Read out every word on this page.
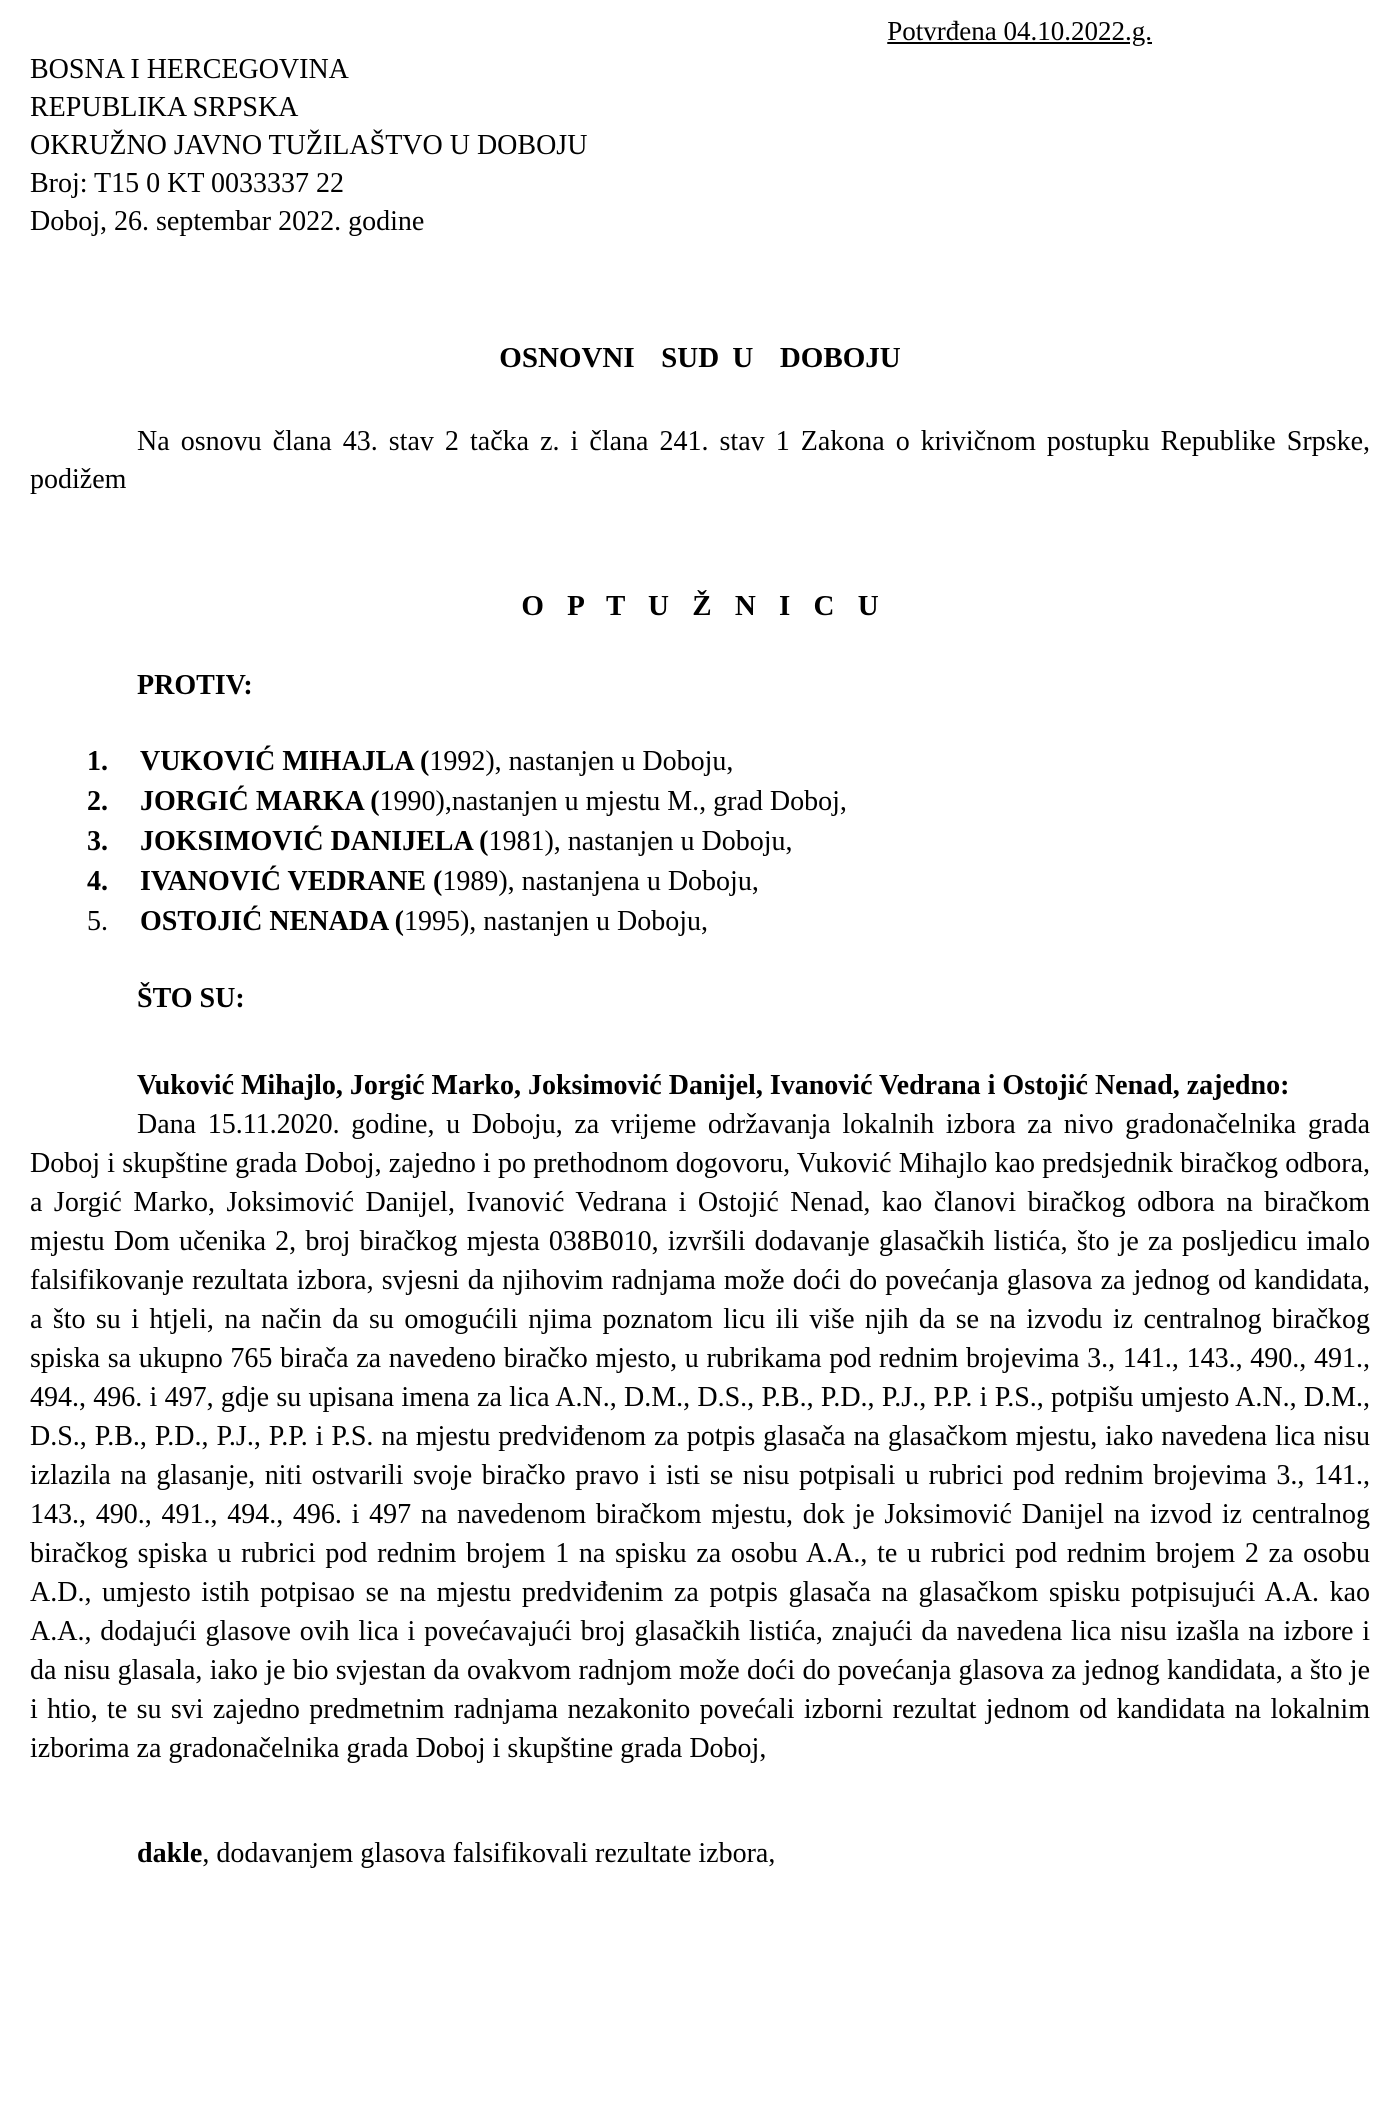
Potvrđena 04.10.2022.g.
BOSNA I HERCEGOVINA
REPUBLIKA SRPSKA
OKRUŽNO JAVNO TUŽILAŠTVO U DOBOJU
Broj: T15 0 KT 0033337 22
Doboj, 26. septembar 2022. godine
OSNOVNI  SUD U  DOBOJU

Na osnovu člana 43. stav 2 tačka z. i člana 241. stav 1 Zakona o krivičnom postupku Republike Srpske, podižem

O P T U Ž N I C U
PROTIV:
1. VUKOVIĆ MIHAJLA (1992), nastanjen u Doboju,
2. JORGIĆ MARKA (1990),nastanjen u mjestu M., grad Doboj,
3. JOKSIMOVIĆ DANIJELA (1981), nastanjen u Doboju,
4. IVANOVIĆ VEDRANE (1989), nastanjena u Doboju,
5. OSTOJIĆ NENADA (1995), nastanjen u Doboju,
ŠTO SU:

Vuković Mihajlo, Jorgić Marko, Joksimović Danijel, Ivanović Vedrana i Ostojić Nenad, zajedno:

Dana 15.11.2020. godine, u Doboju, za vrijeme održavanja lokalnih izbora za nivo gradonačelnika grada Doboj i skupštine grada Doboj, zajedno i po prethodnom dogovoru, Vuković Mihajlo kao predsjednik biračkog odbora, a Jorgić Marko, Joksimović Danijel, Ivanović Vedrana i Ostojić Nenad, kao članovi biračkog odbora na biračkom mjestu Dom učenika 2, broj biračkog mjesta 038B010, izvršili dodavanje glasačkih listića, što je za posljedicu imalo falsifikovanje rezultata izbora, svjesni da njihovim radnjama može doći do povećanja glasova za jednog od kandidata, a što su i htjeli, na način da su omogućili njima poznatom licu ili više njih da se na izvodu iz centralnog biračkog spiska sa ukupno 765 birača za navedeno biračko mjesto, u rubrikama pod rednim brojevima 3., 141., 143., 490., 491., 494., 496. i 497, gdje su upisana imena za lica A.N., D.M., D.S., P.B., P.D., P.J., P.P. i P.S., potpišu umjesto A.N., D.M., D.S., P.B., P.D., P.J., P.P. i P.S. na mjestu predviđenom za potpis glasača na glasačkom mjestu, iako navedena lica nisu izlazila na glasanje, niti ostvarili svoje biračko pravo i isti se nisu potpisali u rubrici pod rednim brojevima 3., 141., 143., 490., 491., 494., 496. i 497 na navedenom biračkom mjestu, dok je Joksimović Danijel na izvod iz centralnog biračkog spiska u rubrici pod rednim brojem 1 na spisku za osobu A.A., te u rubrici pod rednim brojem 2 za osobu A.D., umjesto istih potpisao se na mjestu predviđenim za potpis glasača na glasačkom spisku potpisujući A.A. kao A.A., dodajući glasove ovih lica i povećavajući broj glasačkih listića, znajući da navedena lica nisu izašla na izbore i da nisu glasala, iako je bio svjestan da ovakvom radnjom može doći do povećanja glasova za jednog kandidata, a što je i htio, te su svi zajedno predmetnim radnjama nezakonito povećali izborni rezultat jednom od kandidata na lokalnim izborima za gradonačelnika grada Doboj i skupštine grada Doboj,

dakle, dodavanjem glasova falsifikovali rezultate izbora,
